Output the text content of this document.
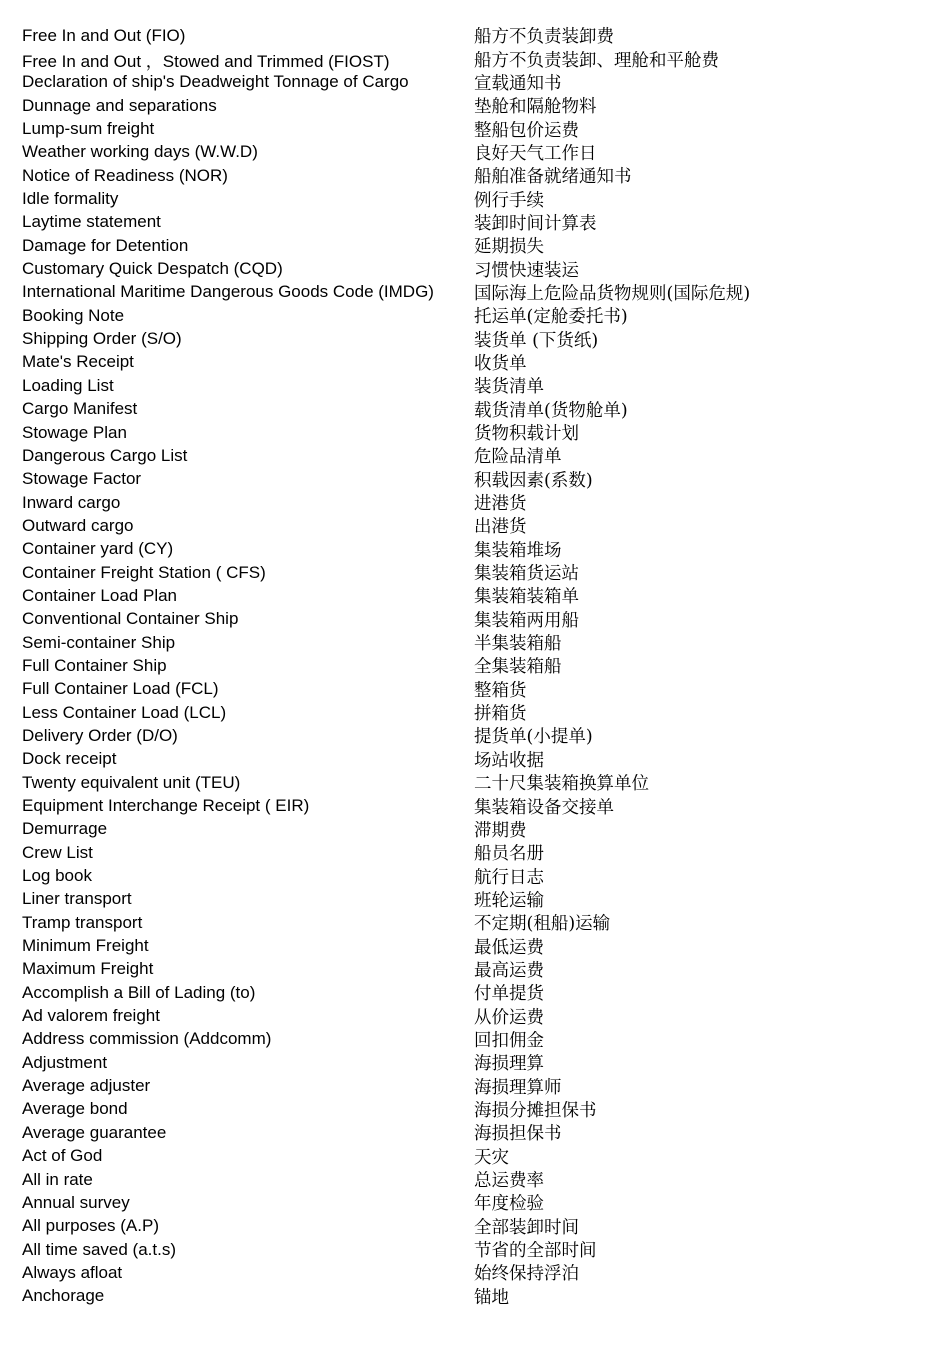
Free In and Out (FIO)	船方不负责装卸费
Free In and Out ，Stowed and Trimmed (FIOST)	船方不负责装卸、理舱和平舱费
Declaration of ship's Deadweight Tonnage of Cargo	宣载通知书
Dunnage and separations	垫舱和隔舱物料
Lump-sum freight	整船包价运费
Weather working days (W.W.D)	良好天气工作日
Notice of Readiness (NOR)	船舶准备就绪通知书
Idle formality	例行手续
Laytime statement	装卸时间计算表
Damage for Detention	延期损失
Customary Quick Despatch (CQD)	习惯快速装运
International Maritime Dangerous Goods Code (IMDG)	国际海上危险品货物规则(国际危规)
Booking Note	托运单(定舱委托书)
Shipping Order (S/O)	装货单 (下货纸)
Mate's Receipt	收货单
Loading List	装货清单
Cargo Manifest	载货清单(货物舱单)
Stowage Plan	货物积载计划
Dangerous Cargo List	危险品清单
Stowage Factor	积载因素(系数)
Inward cargo	进港货
Outward cargo	出港货
Container yard (CY)	集装箱堆场
Container Freight Station ( CFS)	集装箱货运站
Container Load Plan	集装箱装箱单
Conventional Container Ship	集装箱两用船
Semi-container Ship	半集装箱船
Full Container Ship	全集装箱船
Full Container Load (FCL)	整箱货
Less Container Load (LCL)	拼箱货
Delivery Order (D/O)	提货单(小提单)
Dock receipt	场站收据
Twenty equivalent unit (TEU)	二十尺集装箱换算单位
Equipment Interchange Receipt ( EIR)	集装箱设备交接单
Demurrage	滞期费
Crew List	船员名册
Log book	航行日志
Liner transport	班轮运输
Tramp transport	不定期(租船)运输
Minimum Freight	最低运费
Maximum Freight	最高运费
Accomplish a Bill of Lading (to)	付单提货
Ad valorem freight	从价运费
Address commission (Addcomm)	回扣佣金
Adjustment	海损理算
Average adjuster	海损理算师
Average bond	海损分摊担保书
Average guarantee	海损担保书
Act of God	天灾
All in rate	总运费率
Annual survey	年度检验
All purposes (A.P)	全部装卸时间
All time saved (a.t.s)	节省的全部时间
Always afloat	始终保持浮泊
Anchorage	锚地
